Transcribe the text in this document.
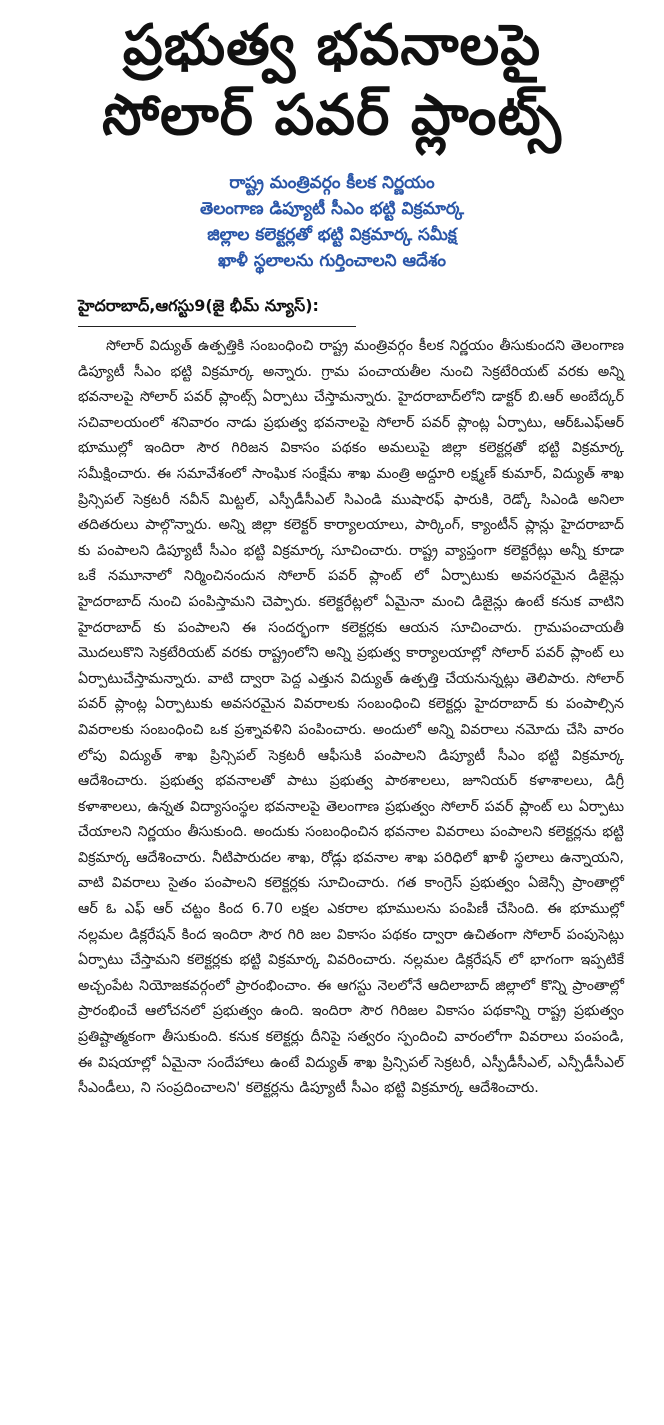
ప్రభుత్వ భవనాలపై
సోలార్ పవర్ ప్లాంట్స్
రాష్ట్ర మంత్రివర్గం కీలక నిర్ణయం
తెలంగాణ డిప్యూటీ సీఎం భట్టి విక్రమార్క
జిల్లాల కలెక్టర్లతో భట్టి విక్రమార్క సమీక్ష
ఖాళీ స్థలాలను గుర్తించాలని ఆదేశం
హైదరాబాద్,ఆగస్టు9(జై భీమ్ న్యూస్):

సోలార్ విద్యుత్ ఉత్పత్తికి సంబంధించి రాష్ట్ర మంత్రివర్గం కీలక నిర్ణయం తీసుకుందని తెలంగాణ డిప్యూటీ సీఎం భట్టి విక్రమార్క అన్నారు. గ్రామ పంచాయతీల నుంచి సెక్రటేరియట్ వరకు అన్ని భవనాలపై సోలార్ పవర్ ప్లాంట్స్ ఏర్పాటు చేస్తామన్నారు. హైదరాబాద్‌లోని డాక్టర్ బి.ఆర్ అంబేద్కర్ సచివాలయంలో శనివారం నాడు ప్రభుత్వ భవనాలపై సోలార్ పవర్ ప్లాంట్ల ఏర్పాటు, ఆర్‌ఓఎఫ్‌ఆర్ భూముల్లో ఇందిరా సౌర గిరిజన వికాసం పథకం అమలుపై జిల్లా కలెక్టర్లతో భట్టి విక్రమార్క సమీక్షించారు. ఈ సమావేశంలో సాంఘిక సంక్షేమ శాఖ మంత్రి అద్దూరి లక్ష్మణ్ కుమార్, విద్యుత్ శాఖ ప్రిన్సిపల్ సెక్రటరీ నవీన్ మిట్టల్, ఎస్పీడీసీఎల్ సిఎండి ముషారఫ్ ఫారుకి, రెడ్కో సిఎండి అనిలా తదితరులు పాల్గొన్నారు. అన్ని జిల్లా కలెక్టర్ కార్యాలయాలు, పార్కింగ్, క్యాంటీన్ ప్లాన్లు హైదరాబాద్ కు పంపాలని డిప్యూటీ సీఎం భట్టి విక్రమార్క సూచించారు. రాష్ట్ర వ్యాప్తంగా కలెక్టరేట్లు అన్నీ కూడా ఒకే నమూనాలో నిర్మించినందున సోలార్ పవర్ ప్లాంట్ లో ఏర్పాటుకు అవసరమైన డిజైన్లు హైదరాబాద్ నుంచి పంపిస్తామని చెప్పారు. కలెక్టరేట్లలో ఏమైనా మంచి డిజైన్లు ఉంటే కనుక వాటిని హైదరాబాద్ కు పంపాలని ఈ సందర్భంగా కలెక్టర్లకు ఆయన సూచించారు. గ్రామపంచాయతీ మొదలుకొని సెక్రటేరియట్ వరకు రాష్ట్రంలోని అన్ని ప్రభుత్వ కార్యాలయాల్లో సోలార్ పవర్ ప్లాంట్ లు ఏర్పాటుచేస్తామన్నారు. వాటి ద్వారా పెద్ద ఎత్తున విద్యుత్ ఉత్పత్తి చేయనున్నట్లు తెలిపారు. సోలార్ పవర్ ప్లాంట్ల ఏర్పాటుకు అవసరమైన వివరాలకు సంబంధించి కలెక్టర్లు హైదరాబాద్ కు పంపాల్సిన వివరాలకు సంబంధించి ఒక ప్రశ్నావళిని పంపించారు. అందులో అన్ని వివరాలు నమోదు చేసి వారం లోపు విద్యుత్ శాఖ ప్రిన్సిపల్ సెక్రటరీ ఆఫీసుకి పంపాలని డిప్యూటీ సీఎం భట్టి విక్రమార్క ఆదేశించారు. ప్రభుత్వ భవనాలతో పాటు ప్రభుత్వ పాఠశాలలు, జూనియర్ కళాశాలలు, డిగ్రీ కళాశాలలు, ఉన్నత విద్యాసంస్థల భవనాలపై తెలంగాణ ప్రభుత్వం సోలార్ పవర్ ప్లాంట్ లు ఏర్పాటు చేయాలని నిర్ణయం తీసుకుంది. అందుకు సంబంధించిన భవనాల వివరాలు పంపాలని కలెక్టర్లను భట్టి విక్రమార్క ఆదేశించారు. నీటిపారుదల శాఖ, రోడ్లు భవనాల శాఖ పరిధిలో ఖాళీ స్థలాలు ఉన్నాయని, వాటి వివరాలు సైతం పంపాలని కలెక్టర్లకు సూచించారు. గత కాంగ్రెస్ ప్రభుత్వం ఏజెన్సీ ప్రాంతాల్లో ఆర్ ఓ ఎఫ్ ఆర్ చట్టం కింద 6.70 లక్షల ఎకరాల భూములను పంపిణీ చేసింది. ఈ భూముల్లో నల్లమల డిక్లరేషన్ కింద ఇందిరా సౌర గిరి జల వికాసం పథకం ద్వారా ఉచితంగా సోలార్ పంపుసెట్లు ఏర్పాటు చేస్తామని కలెక్టర్లకు భట్టి విక్రమార్క వివరించారు. నల్లమల డిక్లరేషన్ లో భాగంగా ఇప్పటికే అచ్చంపేట నియోజకవర్గంలో ప్రారంభించాం. ఈ ఆగస్టు నెలలోనే ఆదిలాబాద్ జిల్లాలో కొన్ని ప్రాంతాల్లో ప్రారంభించే ఆలోచనలో ప్రభుత్వం ఉంది. ఇందిరా సౌర గిరిజల వికాసం పథకాన్ని రాష్ట్ర ప్రభుత్వం ప్రతిష్టాత్మకంగా తీసుకుంది. కనుక కలెక్టర్లు దీనిపై సత్వరం స్పందించి వారంలోగా వివరాలు పంపండి, ఈ విషయాల్లో ఏమైనా సందేహాలు ఉంటే విద్యుత్ శాఖ ప్రిన్సిపల్ సెక్రటరీ, ఎస్పీడీసీఎల్, ఎన్పీడీసీఎల్ సీఎండీలు, ని సంప్రదించాలని' కలెక్టర్లను డిప్యూటీ సీఎం భట్టి విక్రమార్క ఆదేశించారు.
